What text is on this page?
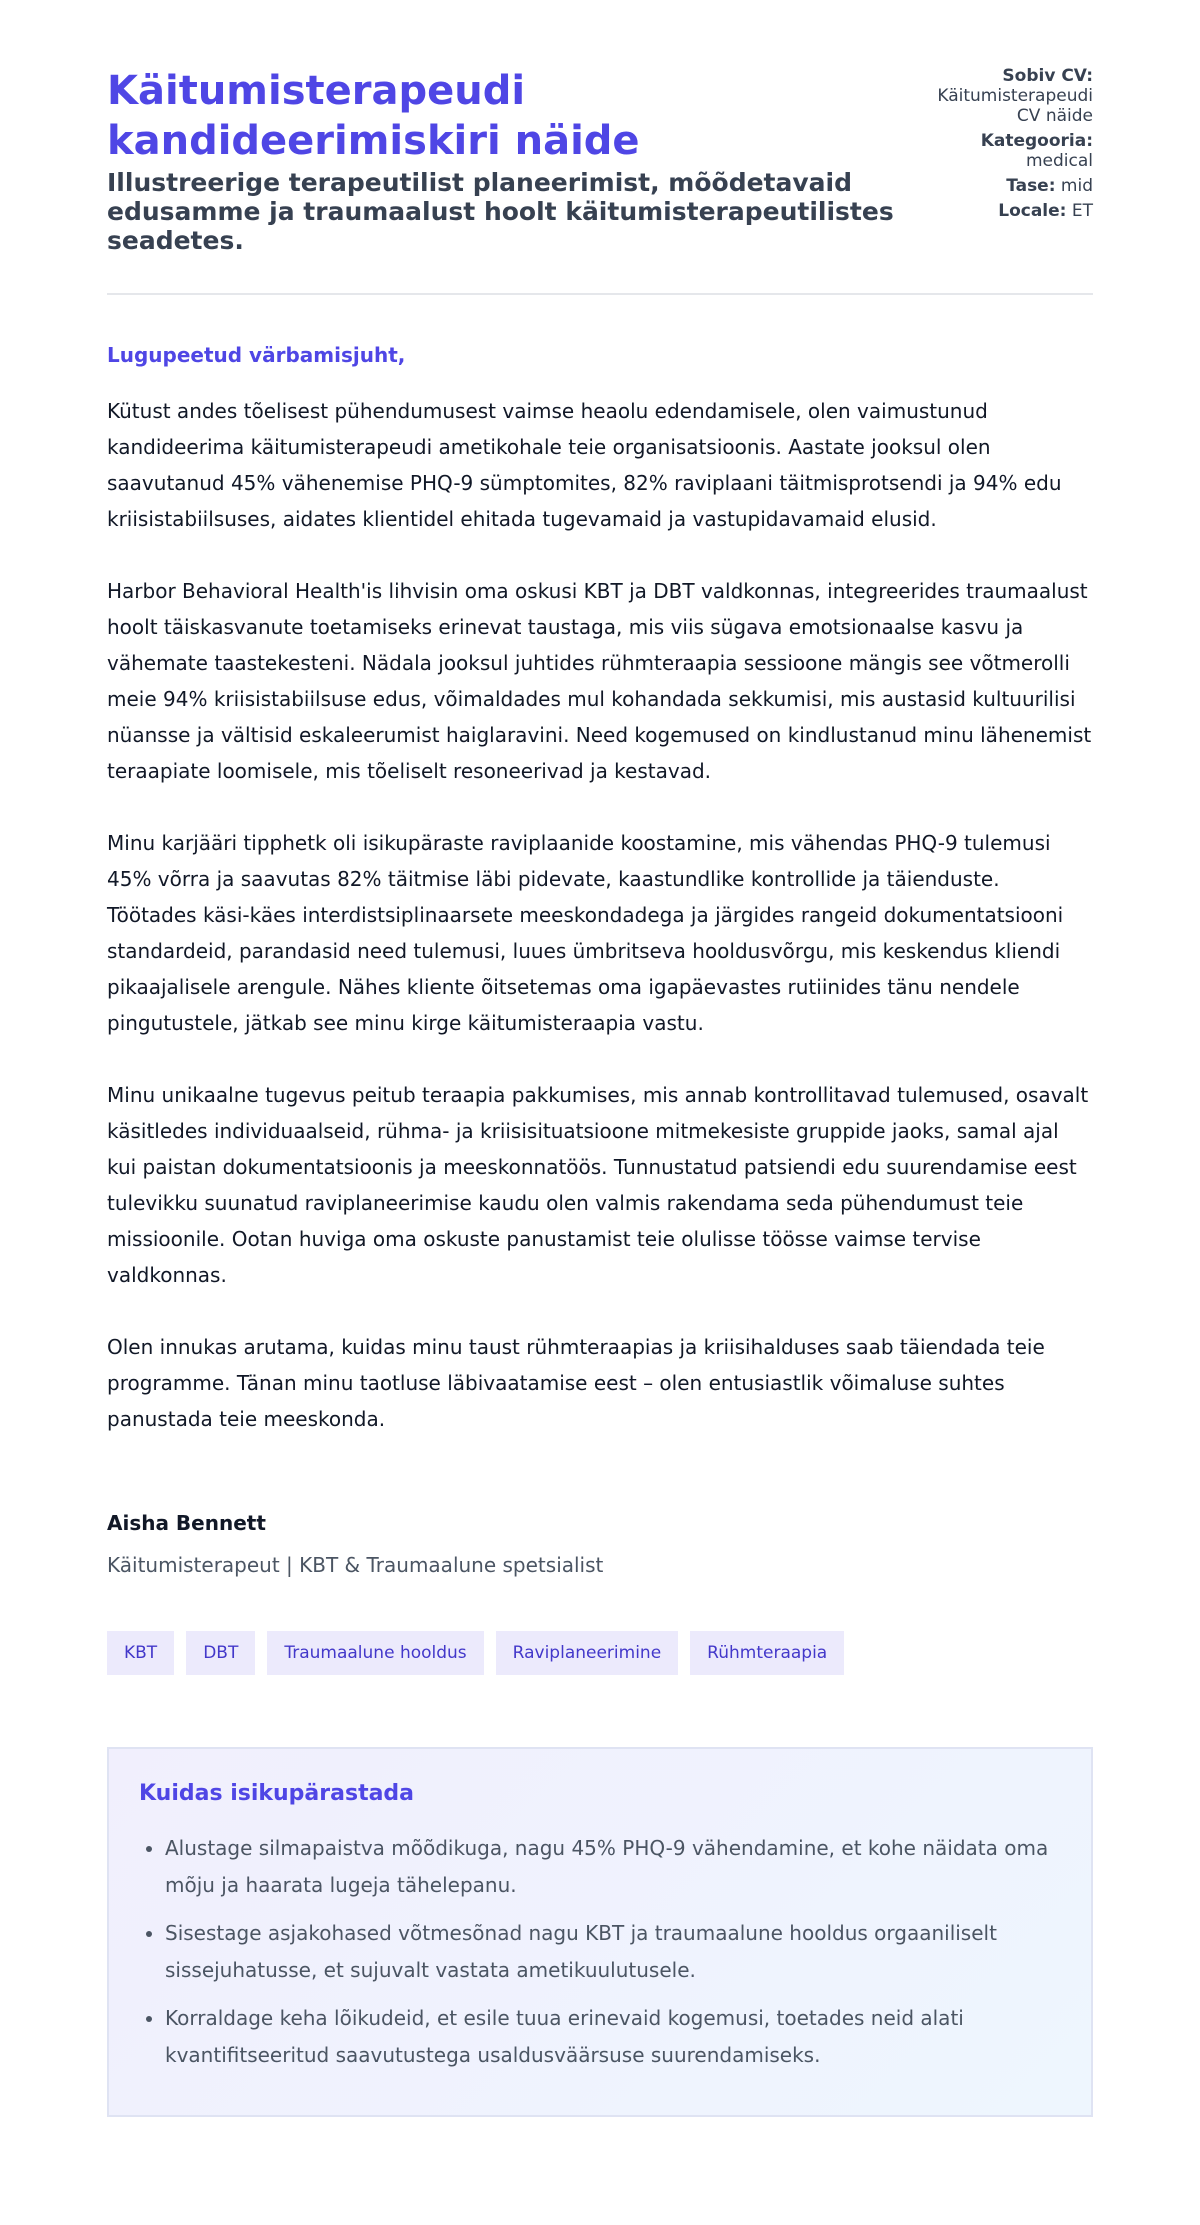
Käitumisterapeudi kandideerimiskiri näide
Illustreerige terapeutilist planeerimist, mõõdetavaid edusamme ja traumaalust hoolt käitumisterapeutilistes seadetes.
Sobiv CV:
Käitumisterapeudi CV näide
Kategooria:
medical
Tase: mid
Locale: ET
Lugupeetud värbamisjuht,

Kütust andes tõelisest pühendumusest vaimse heaolu edendamisele, olen vaimustunud kandideerima käitumisterapeudi ametikohale teie organisatsioonis. Aastate jooksul olen saavutanud 45% vähenemise PHQ-9 sümptomites, 82% raviplaani täitmisprotsendi ja 94% edu kriisistabiilsuses, aidates klientidel ehitada tugevamaid ja vastupidavamaid elusid.

Harbor Behavioral Health'is lihvisin oma oskusi KBT ja DBT valdkonnas, integreerides traumaalust hoolt täiskasvanute toetamiseks erinevat taustaga, mis viis sügava emotsionaalse kasvu ja vähemate taastekesteni. Nädala jooksul juhtides rühmteraapia sessioone mängis see võtmerolli meie 94% kriisistabiilsuse edus, võimaldades mul kohandada sekkumisi, mis austasid kultuurilisi nüansse ja vältisid eskaleerumist haiglaravini. Need kogemused on kindlustanud minu lähenemist teraapiate loomisele, mis tõeliselt resoneerivad ja kestavad.

Minu karjääri tipphetk oli isikupäraste raviplaanide koostamine, mis vähendas PHQ-9 tulemusi 45% võrra ja saavutas 82% täitmise läbi pidevate, kaastundlike kontrollide ja täienduste. Töötades käsi-käes interdistsiplinaarsete meeskondadega ja järgides rangeid dokumentatsiooni standardeid, parandasid need tulemusi, luues ümbritseva hooldusvõrgu, mis keskendus kliendi pikaajalisele arengule. Nähes kliente õitsetemas oma igapäevastes rutiinides tänu nendele pingutustele, jätkab see minu kirge käitumisteraapia vastu.

Minu unikaalne tugevus peitub teraapia pakkumises, mis annab kontrollitavad tulemused, osavalt käsitledes individuaalseid, rühma- ja kriisisituatsioone mitmekesiste gruppide jaoks, samal ajal kui paistan dokumentatsioonis ja meeskonnatöös. Tunnustatud patsiendi edu suurendamise eest tulevikku suunatud raviplaneerimise kaudu olen valmis rakendama seda pühendumust teie missioonile. Ootan huviga oma oskuste panustamist teie olulisse töösse vaimse tervise valdkonnas.

Olen innukas arutama, kuidas minu taust rühmteraapias ja kriisihalduses saab täiendada teie programme. Tänan minu taotluse läbivaatamise eest – olen entusiastlik võimaluse suhtes panustada teie meeskonda.

Aisha Bennett
Käitumisterapeut | KBT & Traumaalune spetsialist
KBT	DBT	Traumaalune hooldus	Raviplaneerimine	Rühmteraapia
Kuidas isikupärastada
• Alustage silmapaistva mõõdikuga, nagu 45% PHQ-9 vähendamine, et kohe näidata oma mõju ja haarata lugeja tähelepanu.
• Sisestage asjakohased võtmesõnad nagu KBT ja traumaalune hooldus orgaaniliselt sissejuhatusse, et sujuvalt vastata ametikuulutusele.
• Korraldage keha lõikudeid, et esile tuua erinevaid kogemusi, toetades neid alati kvantifitseeritud saavutustega usaldusväärsuse suurendamiseks.
